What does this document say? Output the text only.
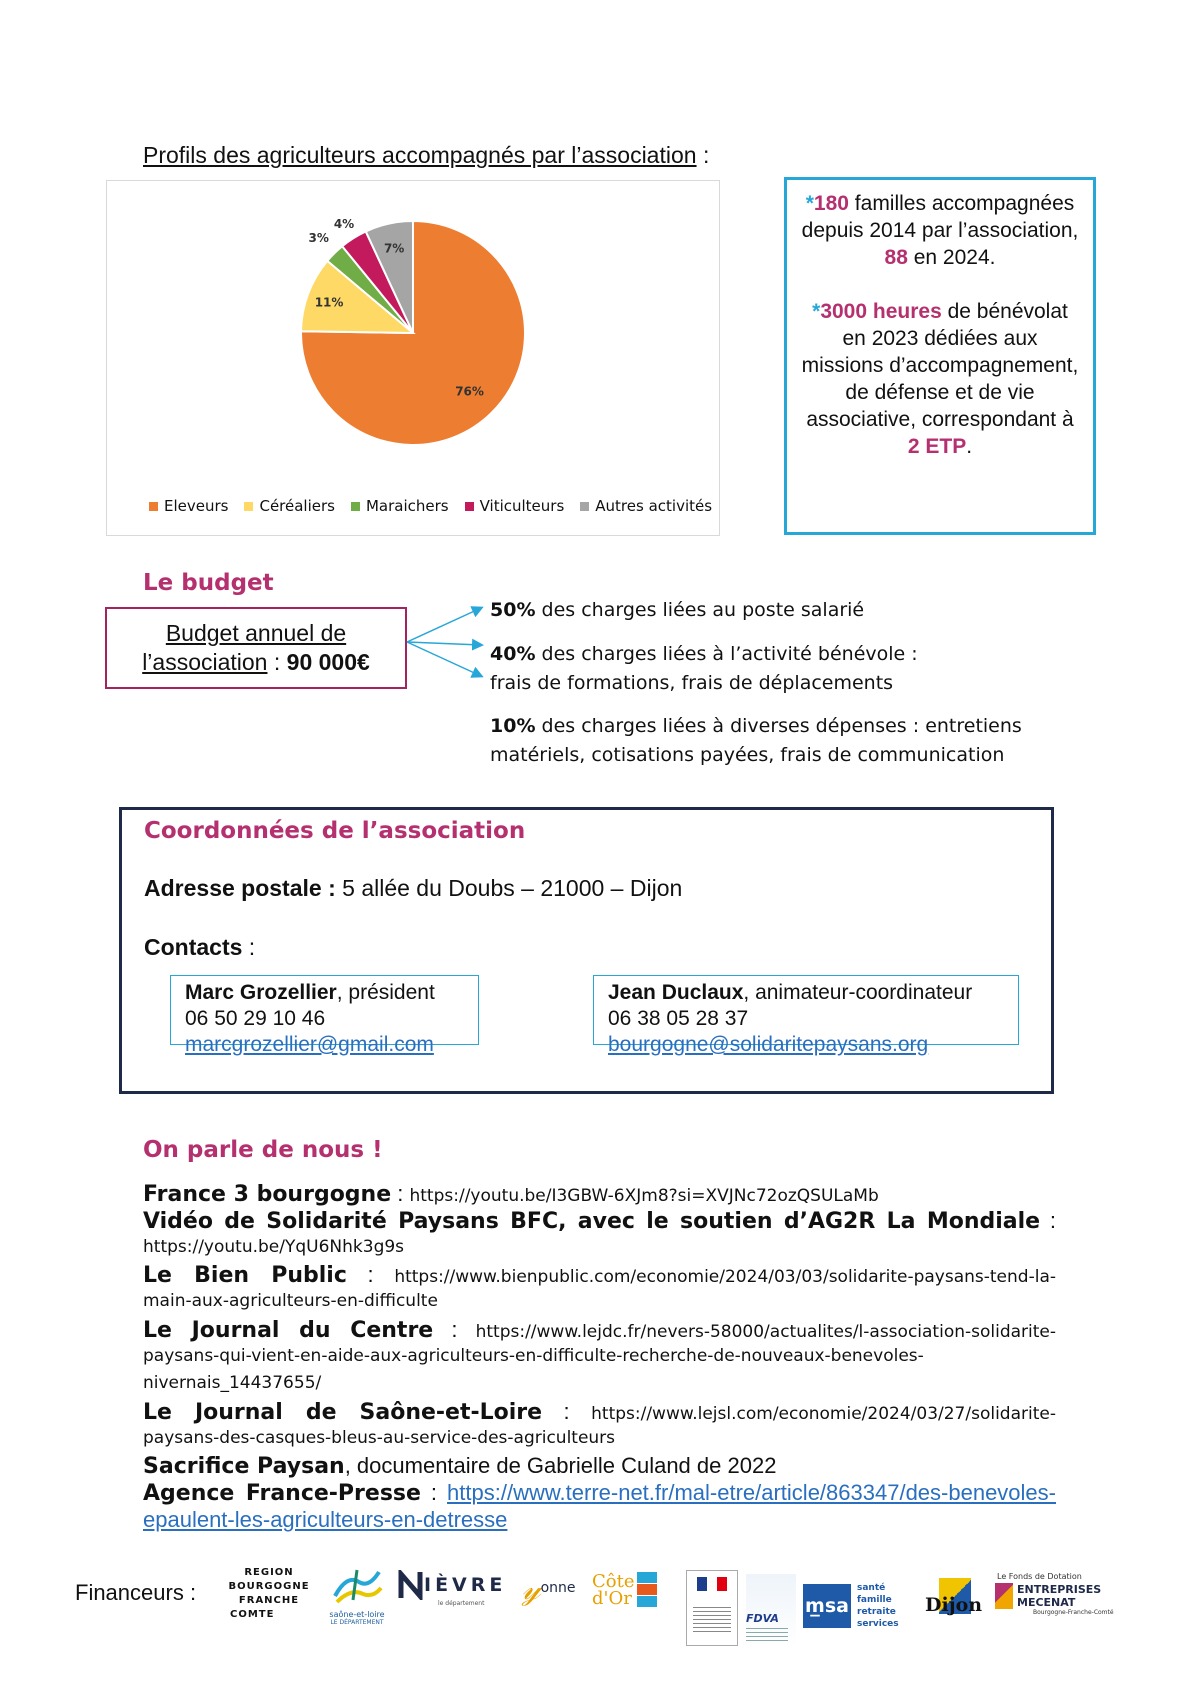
Profils des agriculteurs accompagnés par l’association :
76%
11%
3%
4%
7%
Eleveurs Céréaliers Maraichers Viticulteurs Autres activités

*180 familles accompagnées depuis 2014 par l’association, 88 en 2024.

*3000 heures de bénévolat en 2023 dédiées aux missions d’accompagnement, de défense et de vie associative, correspondant à 2 ETP.

Le budget
Budget annuel de
l’association : 90 000€
50% des charges liées au poste salarié
40% des charges liées à l’activité bénévole :
frais de formations, frais de déplacements
10% des charges liées à diverses dépenses : entretiens
matériels, cotisations payées, frais de communication
Coordonnées de l’association
Adresse postale : 5 allée du Doubs – 21000 – Dijon
Contacts :
Marc Grozellier, président
06 50 29 10 46
marcgrozellier@gmail.com
Jean Duclaux, animateur-coordinateur
06 38 05 28 37
bourgogne@solidaritepaysans.org
On parle de nous !
France 3 bourgogne : https://youtu.be/I3GBW-6XJm8?si=XVJNc72ozQSULaMb
Vidéo de Solidarité Paysans BFC, avec le soutien d’AG2R La Mondiale :
https://youtu.be/YqU6Nhk3g9s
Le Bien Public : https://www.bienpublic.com/economie/2024/03/03/solidarite-paysans-tend-la-
main-aux-agriculteurs-en-difficulte
Le Journal du Centre : https://www.lejdc.fr/nevers-58000/actualites/l-association-solidarite-
paysans-qui-vient-en-aide-aux-agriculteurs-en-difficulte-recherche-de-nouveaux-benevoles-
nivernais_14437655/
Le Journal de Saône-et-Loire : https://www.lejsl.com/economie/2024/03/27/solidarite-
paysans-des-casques-bleus-au-service-des-agriculteurs
Sacrifice Paysan, documentaire de Gabrielle Culand de 2022
Agence France-Presse : https://www.terre-net.fr/mal-etre/article/863347/des-benevoles-
epaulent-les-agriculteurs-en-detresse
Financeurs :
REGION
BOURGOGNE
FRANCHE
COMTE	saône-et-loire
LE DÉPARTEMENT
IÈVRE
le département	𝓎 onne Côte
d'Or
FDVA
m̲sa
santé
famille
retraite
services
Dijon
Le Fonds de Dotation
ENTREPRISES
MECENAT
Bourgogne-Franche-Comté
